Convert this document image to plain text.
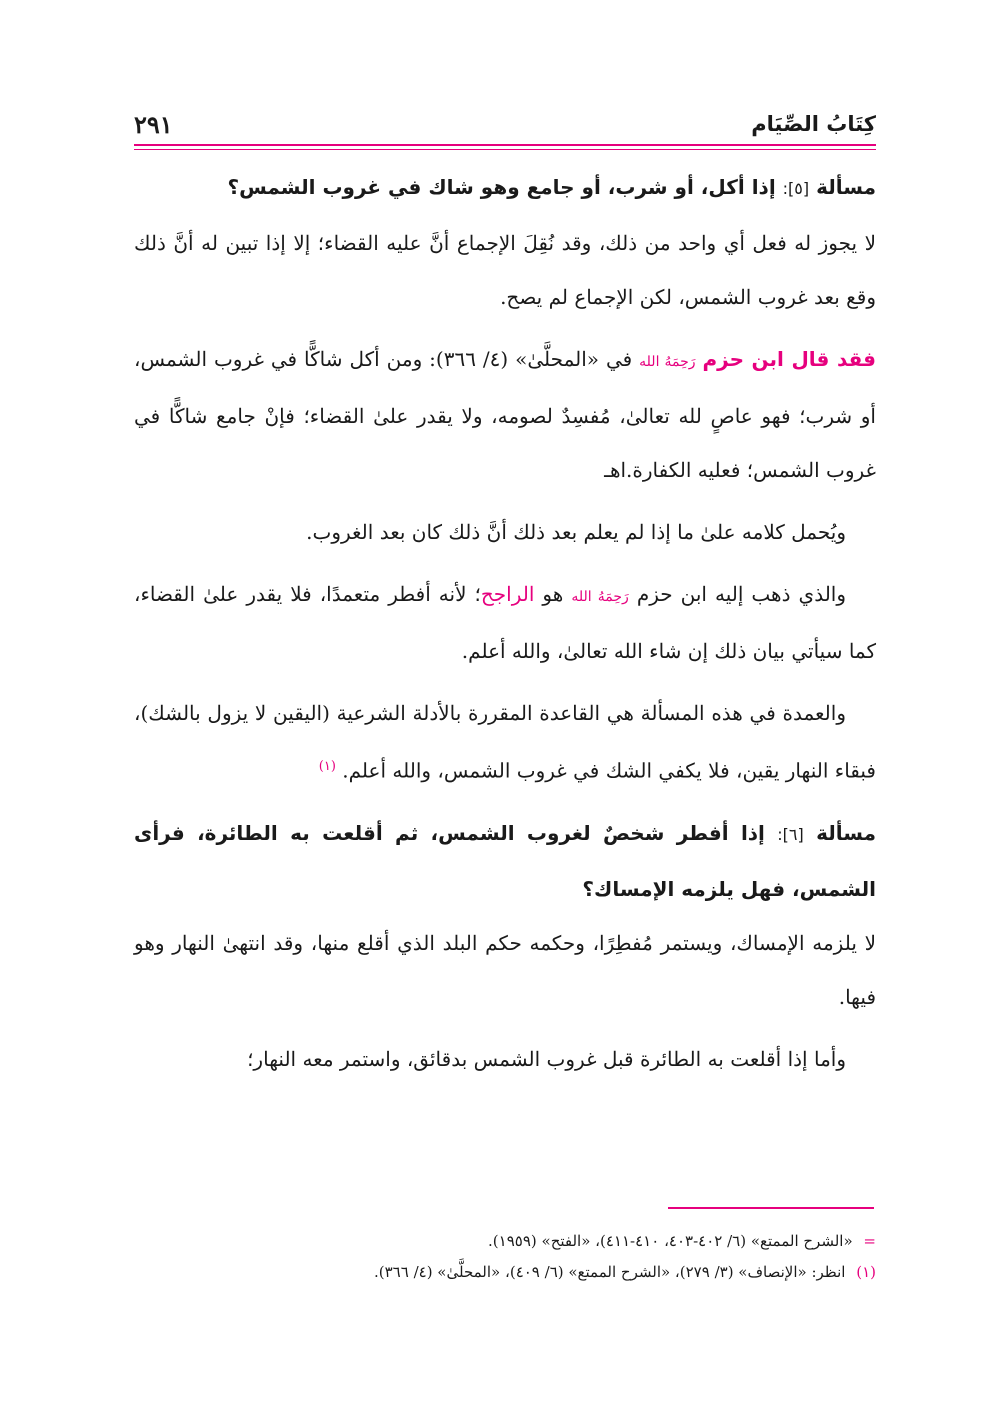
كِتَابُ الصِّيَام
٢٩١

مسألة [٥]: إذا أكل، أو شرب، أو جامع وهو شاك في غروب الشمس؟

لا يجوز له فعل أي واحد من ذلك، وقد نُقِلَ الإجماع أنَّ عليه القضاء؛ إلا إذا تبين له أنَّ ذلك وقع بعد غروب الشمس، لكن الإجماع لم يصح.

فقد قال ابن حزم رَحِمَهُ الله في «المحلَّىٰ» (٤/ ٣٦٦): ومن أكل شاكًّا في غروب الشمس، أو شرب؛ فهو عاصٍ لله تعالىٰ، مُفسِدٌ لصومه، ولا يقدر علىٰ القضاء؛ فإنْ جامع شاكًّا في غروب الشمس؛ فعليه الكفارة.اهـ

ويُحمل كلامه علىٰ ما إذا لم يعلم بعد ذلك أنَّ ذلك كان بعد الغروب.

والذي ذهب إليه ابن حزم رَحِمَهُ الله هو الراجح؛ لأنه أفطر متعمدًا، فلا يقدر علىٰ القضاء، كما سيأتي بيان ذلك إن شاء الله تعالىٰ، والله أعلم.

والعمدة في هذه المسألة هي القاعدة المقررة بالأدلة الشرعية (اليقين لا يزول بالشك)، فبقاء النهار يقين، فلا يكفي الشك في غروب الشمس، والله أعلم. $^{(١)}$

مسألة [٦]: إذا أفطر شخصٌ لغروب الشمس، ثم أقلعت به الطائرة، فرأى الشمس، فهل يلزمه الإمساك؟

لا يلزمه الإمساك، ويستمر مُفطِرًا، وحكمه حكم البلد الذي أقلع منها، وقد انتهىٰ النهار وهو فيها.

وأما إذا أقلعت به الطائرة قبل غروب الشمس بدقائق، واستمر معه النهار؛

= «الشرح الممتع» (٦/ ٤٠٢-٤٠٣، ٤١٠-٤١١)، «الفتح» (١٩٥٩).

(١) انظر: «الإنصاف» (٣/ ٢٧٩)، «الشرح الممتع» (٦/ ٤٠٩)، «المحلَّىٰ» (٤/ ٣٦٦).
